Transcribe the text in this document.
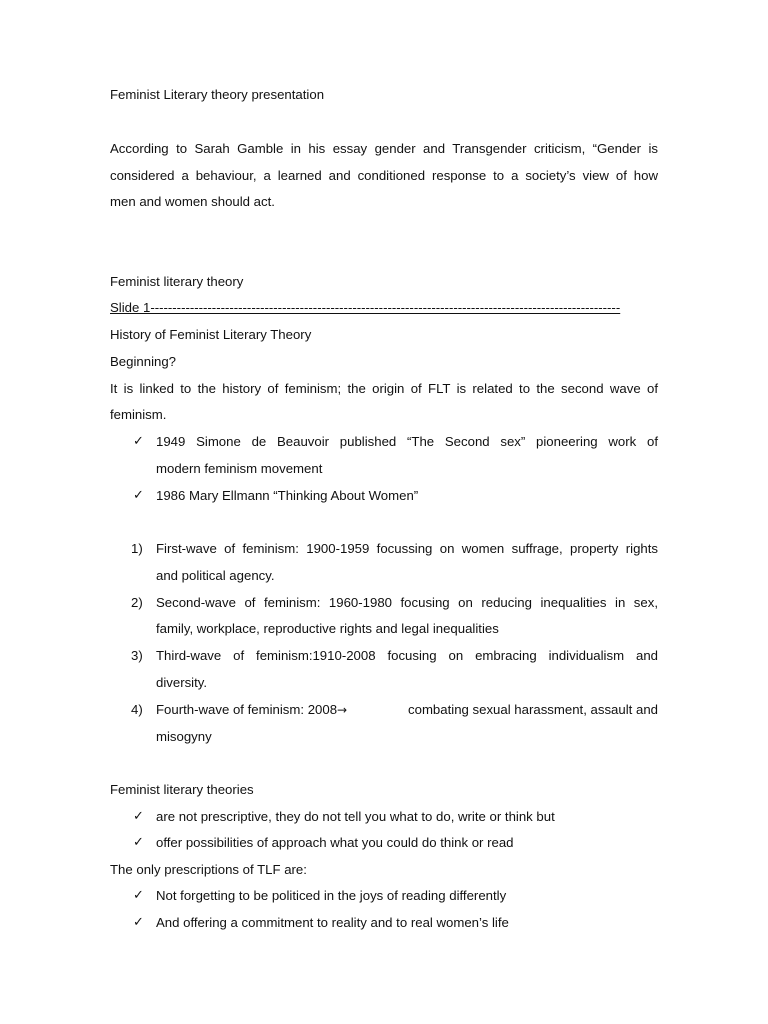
Feminist Literary theory presentation
According to Sarah Gamble in his essay gender and Transgender criticism, “Gender is
considered a behaviour, a learned and conditioned response to a society’s view of how
men and women should act.
Feminist literary theory
Slide 1-----------------------------------------------------------------------------------------------------------
History of Feminist Literary Theory
Beginning?
It is linked to the history of feminism; the origin of FLT is related to the second wave of
feminism.
✓ 1949 Simone de Beauvoir published “The Second sex” pioneering work of
modern feminism movement
✓ 1986 Mary Ellmann “Thinking About Women”
1)	First-wave of feminism: 1900-1959 focussing on women suffrage, property rights
and political agency.
2)	Second-wave of feminism: 1960-1980 focusing on reducing inequalities in sex,
family, workplace, reproductive rights and legal inequalities
3)	Third-wave of feminism:1910-2008 focusing on embracing individualism and
diversity.
4)	Fourth-wave of feminism: 2008→	combating sexual harassment, assault and
misogyny
Feminist literary theories
✓ are not prescriptive, they do not tell you what to do, write or think but
✓ offer possibilities of approach what you could do think or read
The only prescriptions of TLF are:
✓ Not forgetting to be politiced in the joys of reading differently
✓ And offering a commitment to reality and to real women’s life
